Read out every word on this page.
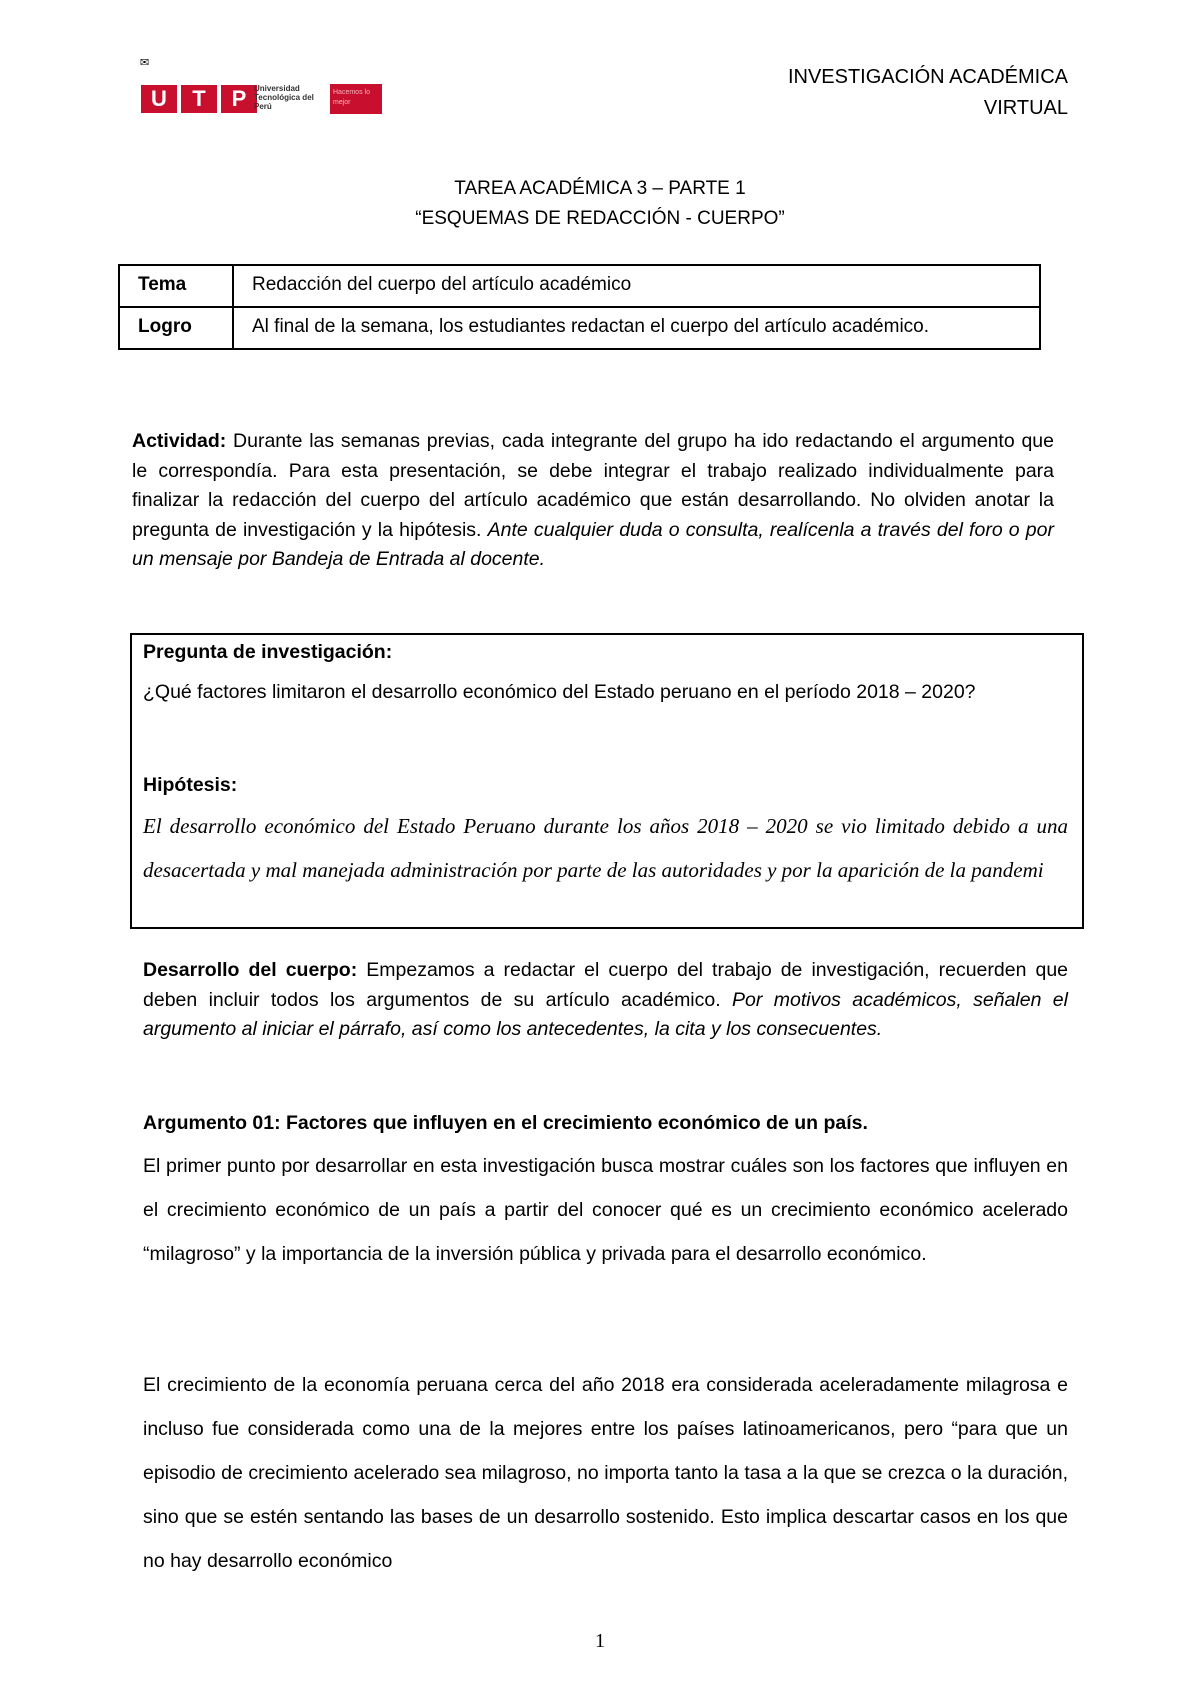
✉
U	T	P Universidad Tecnológica del Perú
Hacemos lo mejor
INVESTIGACIÓN ACADÉMICA
VIRTUAL
TAREA ACADÉMICA 3 – PARTE 1
“ESQUEMAS DE REDACCIÓN - CUERPO”
Tema	Redacción del cuerpo del artículo académico
Logro	Al final de la semana, los estudiantes redactan el cuerpo del artículo académico.
Actividad: Durante las semanas previas, cada integrante del grupo ha ido redactando el argumento que le correspondía. Para esta presentación, se debe integrar el trabajo realizado individualmente para finalizar la redacción del cuerpo del artículo académico que están desarrollando. No olviden anotar la pregunta de investigación y la hipótesis. Ante cualquier duda o consulta, realícenla a través del foro o por un mensaje por Bandeja de Entrada al docente.
Pregunta de investigación:
¿Qué factores limitaron el desarrollo económico del Estado peruano en el período 2018 – 2020?
Hipótesis:
El desarrollo económico del Estado Peruano durante los años 2018 – 2020 se vio limitado debido a una desacertada y mal manejada administración por parte de las autoridades y por la aparición de la pandemi
Desarrollo del cuerpo: Empezamos a redactar el cuerpo del trabajo de investigación, recuerden que deben incluir todos los argumentos de su artículo académico. Por motivos académicos, señalen el argumento al iniciar el párrafo, así como los antecedentes, la cita y los consecuentes.
Argumento 01: Factores que influyen en el crecimiento económico de un país.
El primer punto por desarrollar en esta investigación busca mostrar cuáles son los factores que influyen en el crecimiento económico de un país a partir del conocer qué es un crecimiento económico acelerado “milagroso” y la importancia de la inversión pública y privada para el desarrollo económico.
El crecimiento de la economía peruana cerca del año 2018 era considerada aceleradamente milagrosa e incluso fue considerada como una de la mejores entre los países latinoamericanos, pero “para que un episodio de crecimiento acelerado sea milagroso, no importa tanto la tasa a la que se crezca o la duración, sino que se estén sentando las bases de un desarrollo sostenido. Esto implica descartar casos en los que no hay desarrollo económico
1
